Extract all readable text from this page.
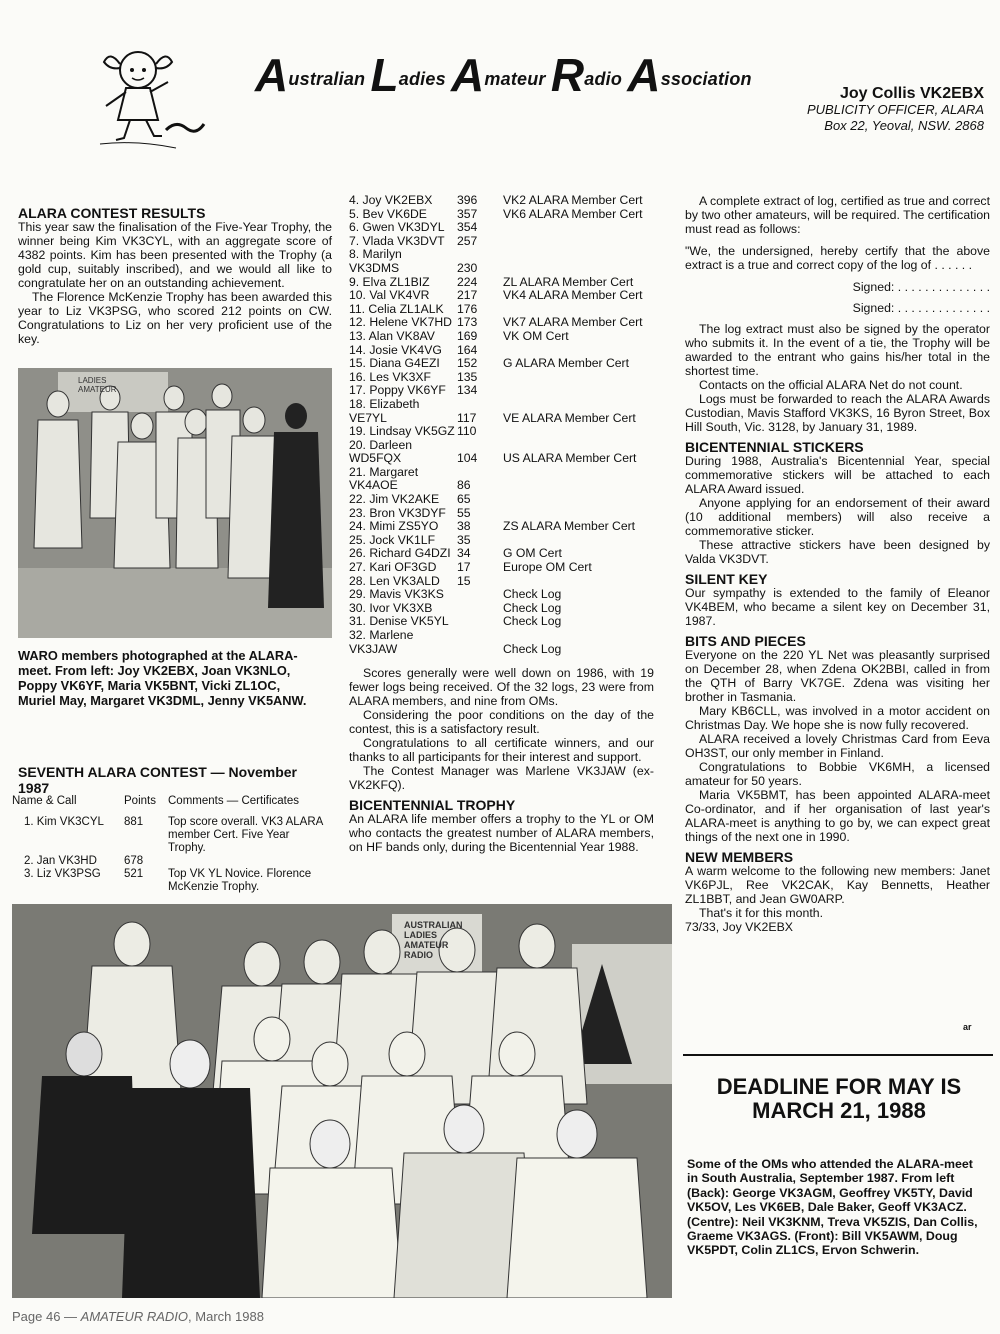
Australian Ladies Amateur Radio Association
Joy Collis VK2EBX
PUBLICITY OFFICER, ALARA
Box 22, Yeoval, NSW. 2868
ALARA CONTEST RESULTS

This year saw the finalisation of the Five-Year Trophy, the winner being Kim VK3CYL, with an aggregate score of 4382 points. Kim has been presented with the Trophy (a gold cup, suitably inscribed), and we would all like to congratulate her on an outstanding achievement.

The Florence McKenzie Trophy has been awarded this year to Liz VK3PSG, who scored 212 points on CW. Congratulations to Liz on her very proficient use of the key.

LADIES AMATEUR
WARO members photographed at the ALARA-meet. From left: Joy VK2EBX, Joan VK3NLO, Poppy VK6YF, Maria VK5BNT, Vicki ZL1OC, Muriel May, Margaret VK3DML, Jenny VK5ANW.
SEVENTH ALARA CONTEST — November 1987
Name & Call	Points	Comments — Certificates
1. Kim VK3CYL	881	Top score overall. VK3 ALARA member Cert. Five Year Trophy.
2. Jan VK3HD	678
3. Liz VK3PSG	521	Top VK YL Novice. Florence McKenzie Trophy.
4. Joy VK2EBX	396	VK2 ALARA Member Cert
5. Bev VK6DE	357	VK6 ALARA Member Cert
6. Gwen VK3DYL	354	
7. Vlada VK3DVT	257	
8. Marilyn		
VK3DMS	230	
9. Elva ZL1BIZ	224	ZL ALARA Member Cert
10. Val VK4VR	217	VK4 ALARA Member Cert
11. Celia ZL1ALK	176	
12. Helene VK7HD	173	VK7 ALARA Member Cert
13. Alan VK8AV	169	VK OM Cert
14. Josie VK4VG	164	
15. Diana G4EZI	152	G ALARA Member Cert
16. Les VK3XF	135	
17. Poppy VK6YF	134	
18. Elizabeth		
VE7YL	117	VE ALARA Member Cert
19. Lindsay VK5GZ	110	
20. Darleen		
WD5FQX	104	US ALARA Member Cert
21. Margaret		
VK4AOE	86	
22. Jim VK2AKE	65	
23. Bron VK3DYF	55	
24. Mimi ZS5YO	38	ZS ALARA Member Cert
25. Jock VK1LF	35	
26. Richard G4DZI	34	G OM Cert
27. Kari OF3GD	17	Europe OM Cert
28. Len VK3ALD	15	
29. Mavis VK3KS		Check Log
30. Ivor VK3XB		Check Log
31. Denise VK5YL		Check Log
32. Marlene		
VK3JAW		Check Log

Scores generally were well down on 1986, with 19 fewer logs being received. Of the 32 logs, 23 were from ALARA members, and nine from OMs.

Considering the poor conditions on the day of the contest, this is a satisfactory result.

Congratulations to all certificate winners, and our thanks to all participants for their interest and support.

The Contest Manager was Marlene VK3JAW (ex-VK2KFQ).

BICENTENNIAL TROPHY

An ALARA life member offers a trophy to the YL or OM who contacts the greatest number of ALARA members, on HF bands only, during the Bicentennial Year 1988.

A complete extract of log, certified as true and correct by two other amateurs, will be required. The certification must read as follows:

"We, the undersigned, hereby certify that the above extract is a true and correct copy of the log of . . . . . .

Signed: . . . . . . . . . . . . . .

Signed: . . . . . . . . . . . . . .

The log extract must also be signed by the operator who submits it. In the event of a tie, the Trophy will be awarded to the entrant who gains his/her total in the shortest time.

Contacts on the official ALARA Net do not count.

Logs must be forwarded to reach the ALARA Awards Custodian, Mavis Stafford VK3KS, 16 Byron Street, Box Hill South, Vic. 3128, by January 31, 1989.

BICENTENNIAL STICKERS

During 1988, Australia's Bicentennial Year, special commemorative stickers will be attached to each ALARA Award issued.

Anyone applying for an endorsement of their award (10 additional members) will also receive a commemorative sticker.

These attractive stickers have been designed by Valda VK3DVT.

SILENT KEY

Our sympathy is extended to the family of Eleanor VK4BEM, who became a silent key on December 31, 1987.

BITS AND PIECES

Everyone on the 220 YL Net was pleasantly surprised on December 28, when Zdena OK2BBI, called in from the QTH of Barry VK7GE. Zdena was visiting her brother in Tasmania.

Mary KB6CLL, was involved in a motor accident on Christmas Day. We hope she is now fully recovered.

ALARA received a lovely Christmas Card from Eeva OH3ST, our only member in Finland.

Congratulations to Bobbie VK6MH, a licensed amateur for 50 years.

Maria VK5BMT, has been appointed ALARA-meet Co-ordinator, and if her organisation of last year's ALARA-meet is anything to go by, we can expect great things of the next one in 1990.

NEW MEMBERS

A warm welcome to the following new members: Janet VK6PJL, Ree VK2CAK, Kay Bennetts, Heather ZL1BBT, and Jean GW0ARP.

That's it for this month.

73/33, Joy VK2EBX

ar
DEADLINE FOR MAY IS
MARCH 21, 1988
AUSTRALIAN LADIES AMATEUR RADIO
Some of the OMs who attended the ALARA-meet in South Australia, September 1987. From left (Back): George VK3AGM, Geoffrey VK5TY, David VK5OV, Les VK6EB, Dale Baker, Geoff VK3ACZ. (Centre): Neil VK3KNM, Treva VK5ZIS, Dan Collis, Graeme VK3AGS. (Front): Bill VK5AWM, Doug VK5PDT, Colin ZL1CS, Ervon Schwerin.
Page 46 — AMATEUR RADIO, March 1988
